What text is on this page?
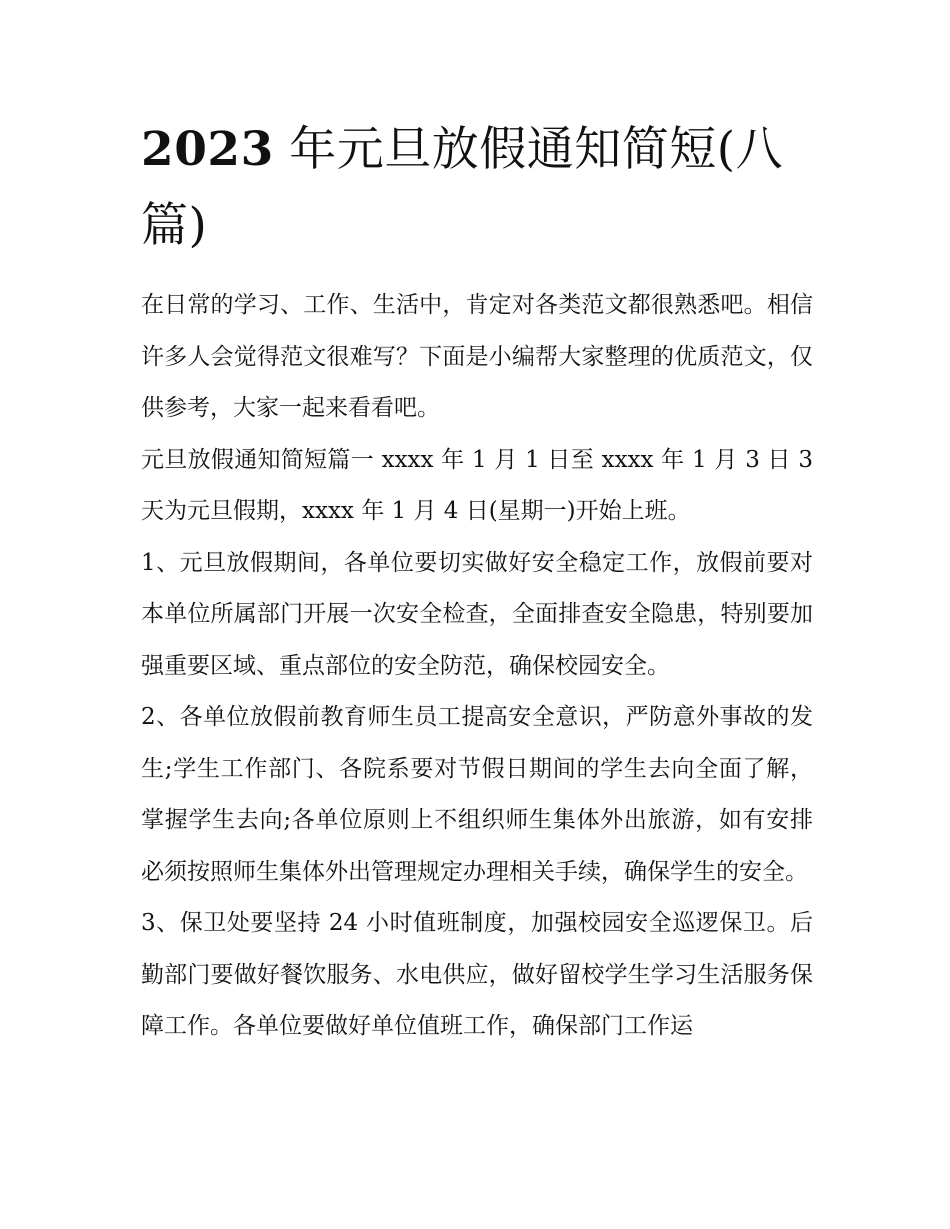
2023 年元旦放假通知简短(八篇)

在日常的学习、工作、生活中，肯定对各类范文都很熟悉吧。相信许多人会觉得范文很难写？下面是小编帮大家整理的优质范文，仅供参考，大家一起来看看吧。

元旦放假通知简短篇一 xxxx 年 1 月 1 日至 xxxx 年 1 月 3 日 3 天为元旦假期，xxxx 年 1 月 4 日(星期一)开始上班。

1、元旦放假期间，各单位要切实做好安全稳定工作，放假前要对本单位所属部门开展一次安全检查，全面排查安全隐患，特别要加强重要区域、重点部位的安全防范，确保校园安全。

2、各单位放假前教育师生员工提高安全意识，严防意外事故的发生;学生工作部门、各院系要对节假日期间的学生去向全面了解，掌握学生去向;各单位原则上不组织师生集体外出旅游，如有安排必须按照师生集体外出管理规定办理相关手续，确保学生的安全。

3、保卫处要坚持 24 小时值班制度，加强校园安全巡逻保卫。后勤部门要做好餐饮服务、水电供应，做好留校学生学习生活服务保障工作。各单位要做好单位值班工作，确保部门工作运
